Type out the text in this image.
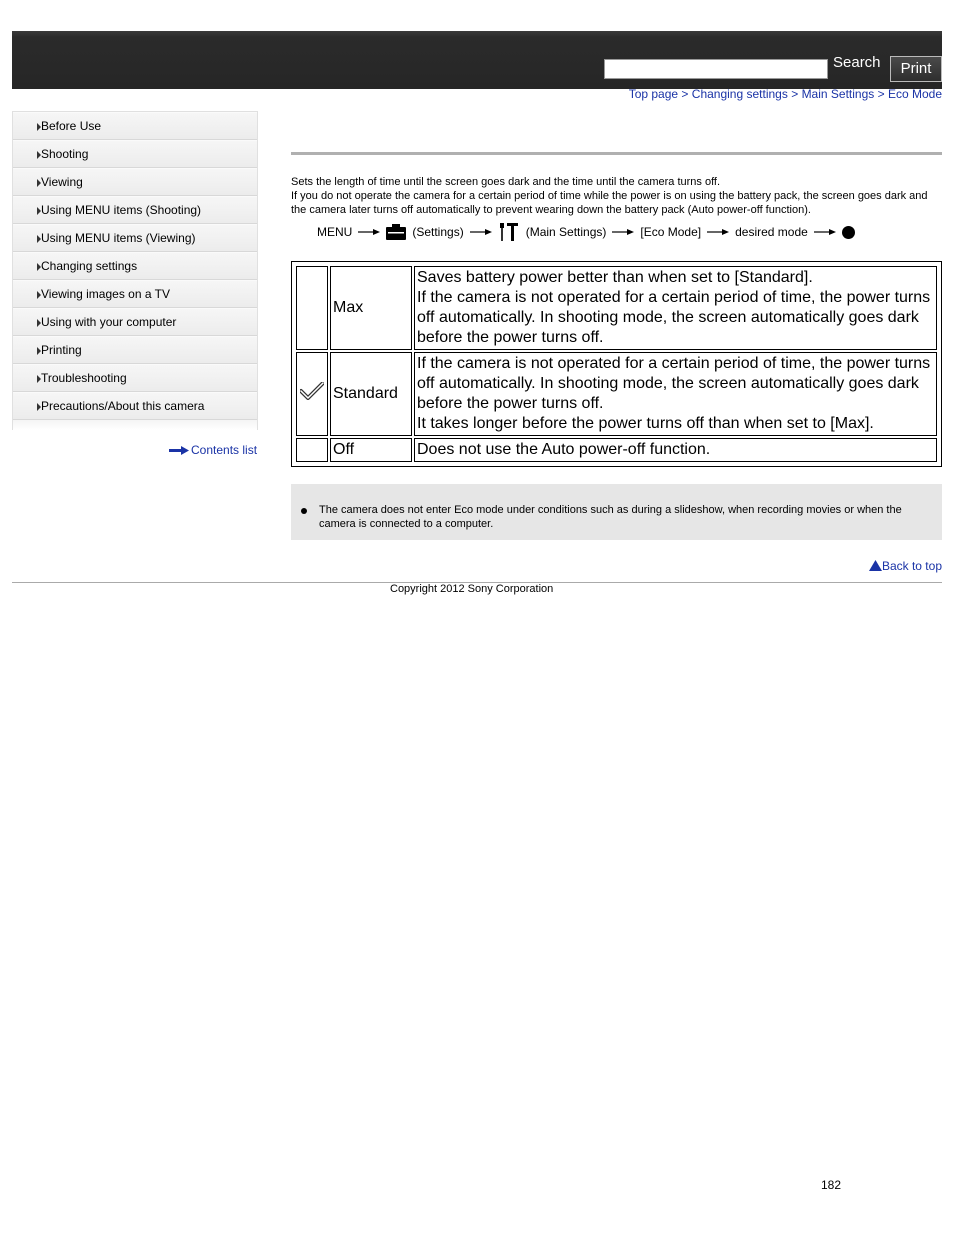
Search	Print
Top page > Changing settings > Main Settings > Eco Mode
Before Use
Shooting
Viewing
Using MENU items (Shooting)
Using MENU items (Viewing)
Changing settings
Viewing images on a TV
Using with your computer
Printing
Troubleshooting
Precautions/About this camera
Contents list
Sets the length of time until the screen goes dark and the time until the camera turns off.
If you do not operate the camera for a certain period of time while the power is on using the battery pack, the screen goes dark and the camera later turns off automatically to prevent wearing down the battery pack (Auto power-off function).
MENU	(Settings)	(Main Settings)	[Eco Mode]	desired mode
	Max	Saves battery power better than when set to [Standard].
If the camera is not operated for a certain period of time, the power turns off automatically. In shooting mode, the screen automatically goes dark before the power turns off.
	Standard	If the camera is not operated for a certain period of time, the power turns off automatically. In shooting mode, the screen automatically goes dark before the power turns off.
It takes longer before the power turns off than when set to [Max].
	Off	Does not use the Auto power-off function.
The camera does not enter Eco mode under conditions such as during a slideshow, when recording movies or when the camera is connected to a computer.
Back to top
Copyright 2012 Sony Corporation
182
